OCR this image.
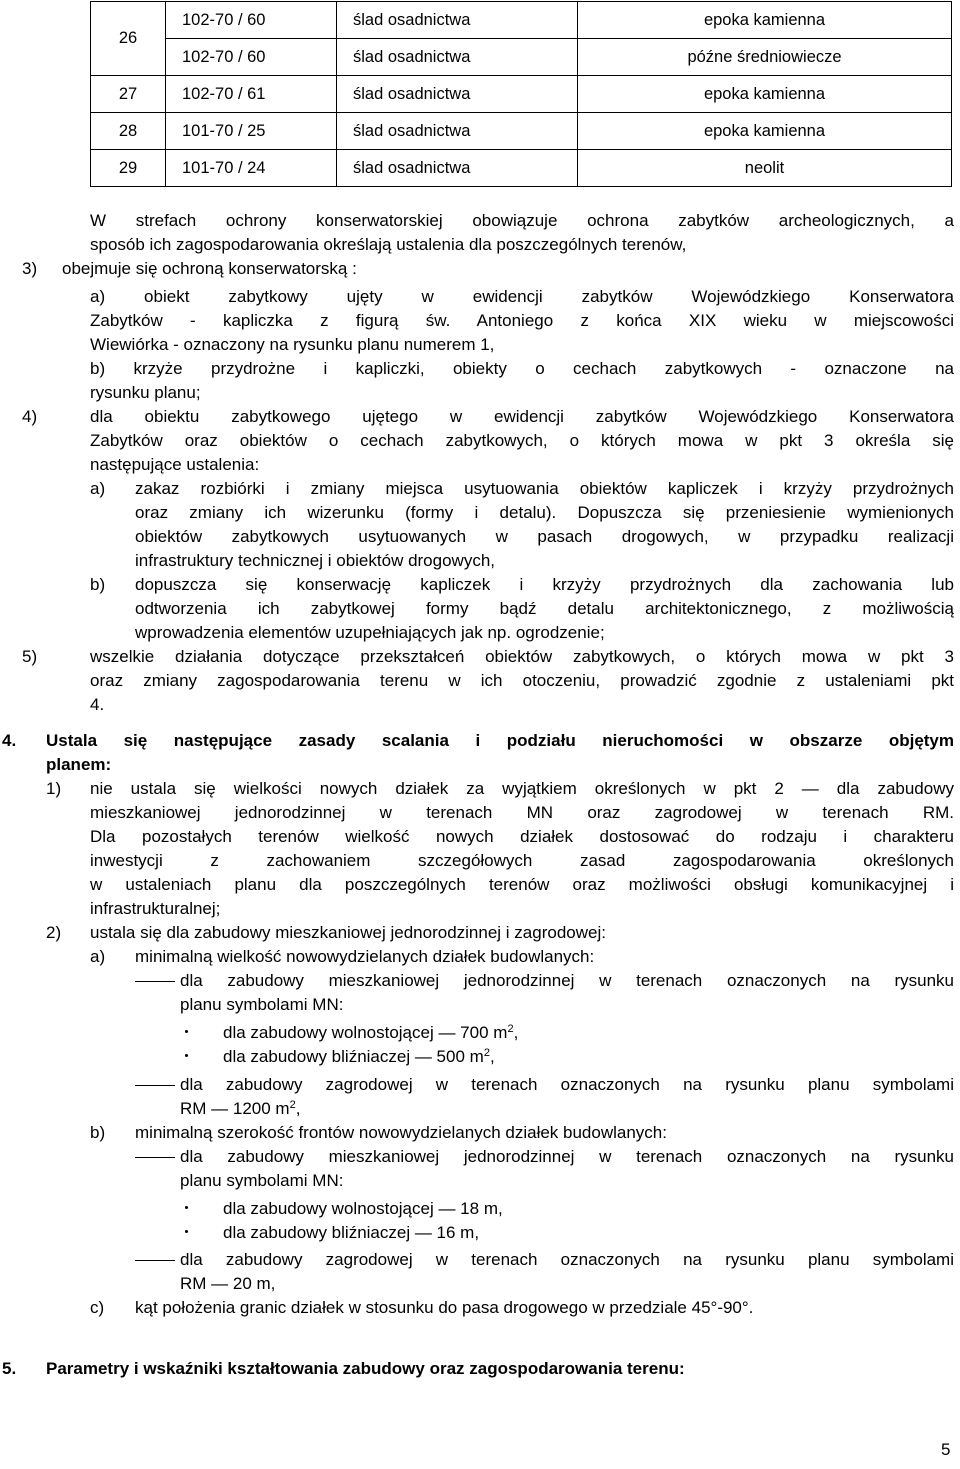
26	102-70 / 60	ślad osadnictwa	epoka kamienna
	102-70 / 60	ślad osadnictwa	późne średniowiecze
27	102-70 / 61	ślad osadnictwa	epoka kamienna
28	101-70 / 25	ślad osadnictwa	epoka kamienna
29	101-70 / 24	ślad osadnictwa	neolit
W strefach ochrony konserwatorskiej obowiązuje ochrona zabytków archeologicznych, a
sposób ich zagospodarowania określają ustalenia dla poszczególnych terenów,
3) obejmuje się ochroną konserwatorską :
a) obiekt zabytkowy ujęty w ewidencji zabytków Wojewódzkiego Konserwatora
Zabytków - kapliczka z figurą św. Antoniego z końca XIX wieku w miejscowości
Wiewiórka - oznaczony na rysunku planu numerem 1,
b) krzyże przydrożne i kapliczki, obiekty o cechach zabytkowych - oznaczone na
rysunku planu;
4)	dla obiektu zabytkowego ujętego w ewidencji zabytków Wojewódzkiego Konserwatora
Zabytków oraz obiektów o cechach zabytkowych, o których mowa w pkt 3 określa się
następujące ustalenia:
a) zakaz rozbiórki i zmiany miejsca usytuowania obiektów kapliczek i krzyży przydrożnych
oraz zmiany ich wizerunku (formy i detalu). Dopuszcza się przeniesienie wymienionych
obiektów zabytkowych usytuowanych w pasach drogowych, w przypadku realizacji
infrastruktury technicznej i obiektów drogowych,
b) dopuszcza się konserwację kapliczek i krzyży przydrożnych dla zachowania lub
odtworzenia ich zabytkowej formy bądź detalu architektonicznego, z możliwością
wprowadzenia elementów uzupełniających jak np. ogrodzenie;
5)	wszelkie działania dotyczące przekształceń obiektów zabytkowych, o których mowa w pkt 3
oraz zmiany zagospodarowania terenu w ich otoczeniu, prowadzić zgodnie z ustaleniami pkt
4.
4. Ustala się następujące zasady scalania i podziału nieruchomości w obszarze objętym
planem:
1) nie ustala się wielkości nowych działek za wyjątkiem określonych w pkt 2 — dla zabudowy
mieszkaniowej jednorodzinnej w terenach MN oraz zagrodowej w terenach RM.
Dla pozostałych terenów wielkość nowych działek dostosować do rodzaju i charakteru
inwestycji z zachowaniem szczegółowych zasad zagospodarowania określonych
w ustaleniach planu dla poszczególnych terenów oraz możliwości obsługi komunikacyjnej i
infrastrukturalnej;
2) ustala się dla zabudowy mieszkaniowej jednorodzinnej i zagrodowej:
a) minimalną wielkość nowowydzielanych działek budowlanych:
dla zabudowy mieszkaniowej jednorodzinnej w terenach oznaczonych na rysunku
planu symbolami MN:
dla zabudowy wolnostojącej — 700 $m^2$,
dla zabudowy bliźniaczej — 500 $m^2$,
dla zabudowy zagrodowej w terenach oznaczonych na rysunku planu symbolami
RM — 1200 $m^2$,
b) minimalną szerokość frontów nowowydzielanych działek budowlanych:
dla zabudowy mieszkaniowej jednorodzinnej w terenach oznaczonych na rysunku
planu symbolami MN:
dla zabudowy wolnostojącej — 18 m,
dla zabudowy bliźniaczej — 16 m,
dla zabudowy zagrodowej w terenach oznaczonych na rysunku planu symbolami
RM — 20 m,
c) kąt położenia granic działek w stosunku do pasa drogowego w przedziale 45°-90°.
5. Parametry i wskaźniki kształtowania zabudowy oraz zagospodarowania terenu:
5
